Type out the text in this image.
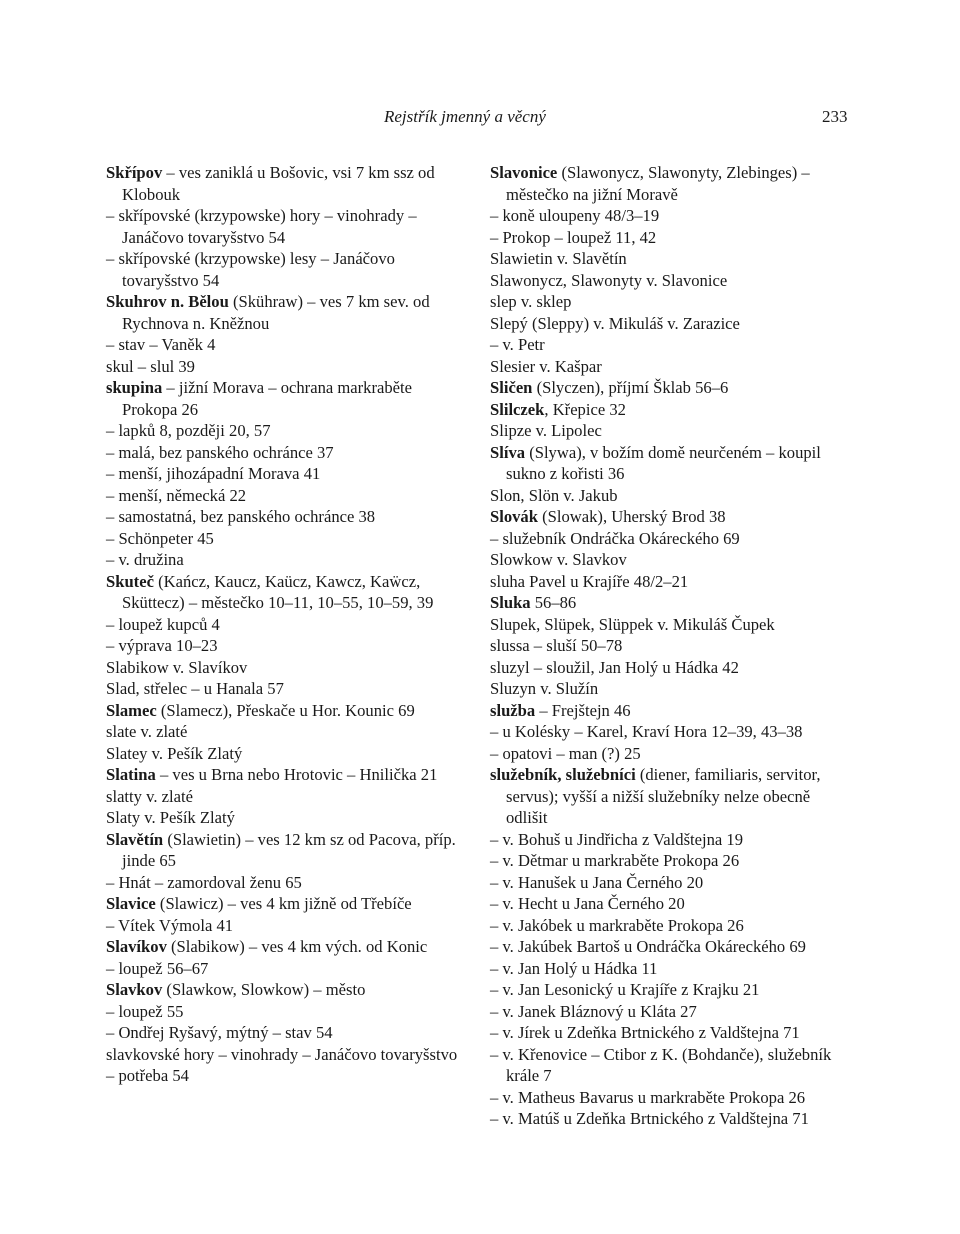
Rejstřík jmenný a věcný	233

Skřípov – ves zaniklá u Bošovic, vsi 7 km ssz od Klobouk

– skřípovské (krzypowske) hory – vinohrady – Janáčovo tovaryšstvo 54

– skřípovské (krzypowske) lesy – Janáčovo tovaryšstvo 54

Skuhrov n. Bělou (Skühraw) – ves 7 km sev. od Rychnova n. Kněžnou

– stav – Vaněk 4

skul – slul 39

skupina – jižní Morava – ochrana markraběte Prokopa 26

– lapků 8, později 20, 57

– malá, bez panského ochránce 37

– menší, jihozápadní Morava 41

– menší, německá 22

– samostatná, bez panského ochránce 38

– Schönpeter 45

– v. družina

Skuteč (Kańcz, Kaucz, Kaücz, Kawcz, Kaẅcz, Sküttecz) – městečko 10–11, 10–55, 10–59, 39

– loupež kupců 4

– výprava 10–23

Slabikow v. Slavíkov

Slad, střelec – u Hanala 57

Slamec (Slamecz), Přeskače u Hor. Kounic 69

slate v. zlaté

Slatey v. Pešík Zlatý

Slatina – ves u Brna nebo Hrotovic – Hnilička 21

slatty v. zlaté

Slaty v. Pešík Zlatý

Slavětín (Slawietin) – ves 12 km sz od Pacova, příp. jinde 65

– Hnát – zamordoval ženu 65

Slavice (Slawicz) – ves 4 km jižně od Třebíče

– Vítek Výmola 41

Slavíkov (Slabikow) – ves 4 km vých. od Konic

– loupež 56–67

Slavkov (Slawkow, Slowkow) – město

– loupež 55

– Ondřej Ryšavý, mýtný – stav 54

slavkovské hory – vinohrady – Janáčovo tovaryšstvo

– potřeba 54

Slavonice (Slawonycz, Slawonyty, Zlebinges) – městečko na jižní Moravě

– koně uloupeny 48/3–19

– Prokop – loupež 11, 42

Slawietin v. Slavětín

Slawonycz, Slawonyty v. Slavonice

slep v. sklep

Slepý (Sleppy) v. Mikuláš v. Zarazice

– v. Petr

Slesier v. Kašpar

Sličen (Slyczen), příjmí Šklab 56–6

Slilczek, Křepice 32

Slipze v. Lipolec

Slíva (Slywa), v božím domě neurčeném – koupil sukno z kořisti 36

Slon, Slön v. Jakub

Slovák (Slowak), Uherský Brod 38

– služebník Ondráčka Okáreckého 69

Slowkow v. Slavkov

sluha Pavel u Krajíře 48/2–21

Sluka 56–86

Slupek, Slüpek, Slüppek v. Mikuláš Čupek

slussa – sluší 50–78

sluzyl – sloužil, Jan Holý u Hádka 42

Sluzyn v. Služín

služba – Frejštejn 46

– u Kolésky – Karel, Kraví Hora 12–39, 43–38

– opatovi – man (?) 25

služebník, služebníci (diener, familiaris, servitor, servus); vyšší a nižší služebníky nelze obecně odlišit

– v. Bohuš u Jindřicha z Valdštejna 19

– v. Dětmar u markraběte Prokopa 26

– v. Hanušek u Jana Černého 20

– v. Hecht u Jana Černého 20

– v. Jakóbek u markraběte Prokopa 26

– v. Jakúbek Bartoš u Ondráčka Okáreckého 69

– v. Jan Holý u Hádka 11

– v. Jan Lesonický u Krajíře z Krajku 21

– v. Janek Bláznový u Kláta 27

– v. Jírek u Zdeňka Brtnického z Valdštejna 71

– v. Křenovice – Ctibor z K. (Bohdanče), služebník krále 7

– v. Matheus Bavarus u markraběte Prokopa 26

– v. Matúš u Zdeňka Brtnického z Valdštejna 71
